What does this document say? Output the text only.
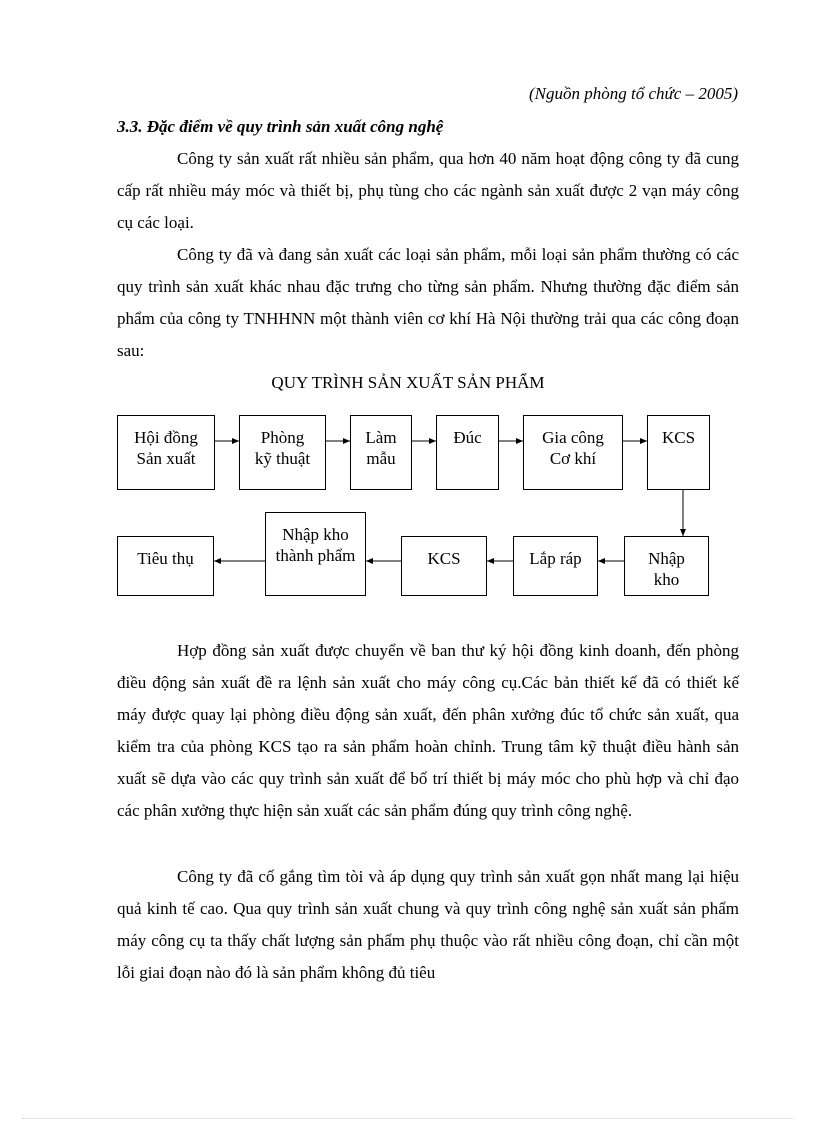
(Nguồn phòng tổ chức – 2005)
3.3. Đặc điểm về quy trình sản xuất công nghệ

Công ty sản xuất rất nhiều sản phẩm, qua hơn 40 năm hoạt động công ty đã cung cấp rất nhiều máy móc và thiết bị, phụ tùng cho các ngành sản xuất được 2 vạn máy công cụ các loại.

Công ty đã và đang sản xuất các loại sản phẩm, mỗi loại sản phẩm thường có các quy trình sản xuất khác nhau đặc trưng cho từng sản phẩm. Nhưng thường đặc điểm sản phẩm của công ty TNHHNN một thành viên cơ khí Hà Nội thường trải qua các công đoạn sau:

QUY TRÌNH SẢN XUẤT SẢN PHẨM
Hội đồng
Sản xuất
Phòng
kỹ thuật
Làm
mẫu
Đúc	Gia công
Cơ khí
KCS
Tiêu thụ
Nhập kho
thành phẩm	KCS	Lắp ráp	Nhập
kho

Hợp đồng sản xuất được chuyển về ban thư ký hội đồng kinh doanh, đến phòng điều động sản xuất đề ra lệnh sản xuất cho máy công cụ.Các bản thiết kế đã có thiết kế máy được quay lại phòng điều động sản xuất, đến phân xưởng đúc tổ chức sản xuất, qua kiểm tra của phòng KCS tạo ra sản phẩm hoàn chỉnh. Trung tâm kỹ thuật điều hành sản xuất sẽ dựa vào các quy trình sản xuất để bố trí thiết bị máy móc cho phù hợp và chỉ đạo các phân xưởng thực hiện sản xuất các sản phẩm đúng quy trình công nghệ.

Công ty đã cố gắng tìm tòi và áp dụng quy trình sản xuất gọn nhất mang lại hiệu quả kinh tế cao. Qua quy trình sản xuất chung và quy trình công nghệ sản xuất sản phẩm máy công cụ ta thấy chất lượng sản phẩm phụ thuộc vào rất nhiều công đoạn, chỉ cần một lỗi giai đoạn nào đó là sản phẩm không đủ tiêu
